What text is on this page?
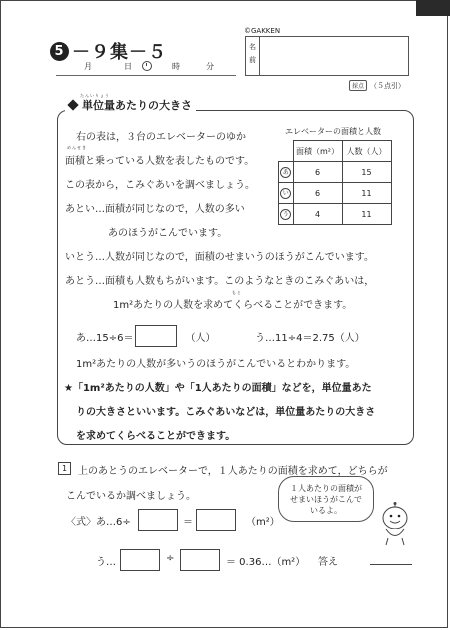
5 －９集－５
月	日	時	分
©GAKKEN
名
前
採点 （５点引）
単位量あたりの大きさ
たんいりょう
右の表は，３台のエレベーターのゆか
めんせき
面積と乗っている人数を表したものです。
この表から，こみぐあいを調べましょう。
あとい…面積が同じなので，人数の多い
あのほうがこんでいます。
いとう…人数が同じなので，面積のせまいうのほうがこんでいます。
あとう…面積も人数もちがいます。このようなときのこみぐあいは，
もと
1m²あたりの人数を求めてくらべることができます。
あ…15÷6＝	（人）	う…11÷4＝2.75（人）
1m²あたりの人数が多いうのほうがこんでいるとわかります。
★「1m²あたりの人数」や「1人あたりの面積」などを，単位量あた
りの大きさといいます。こみぐあいなどは，単位量あたりの大きさ
を求めてくらべることができます。
エレベーターの面積と人数
	面積（m²）	人数（人）
あ	6	15
い	6	11
う	4	11
1	上のあとうのエレベーターで，１人あたりの面積を求めて，どちらが
こんでいるか調べましょう。
１人あたりの面積が せまいほうがこんで いるよ。
〈式〉 あ…6÷	＝	（m²）
う…	÷	＝ 0.36…（m²） 答え
